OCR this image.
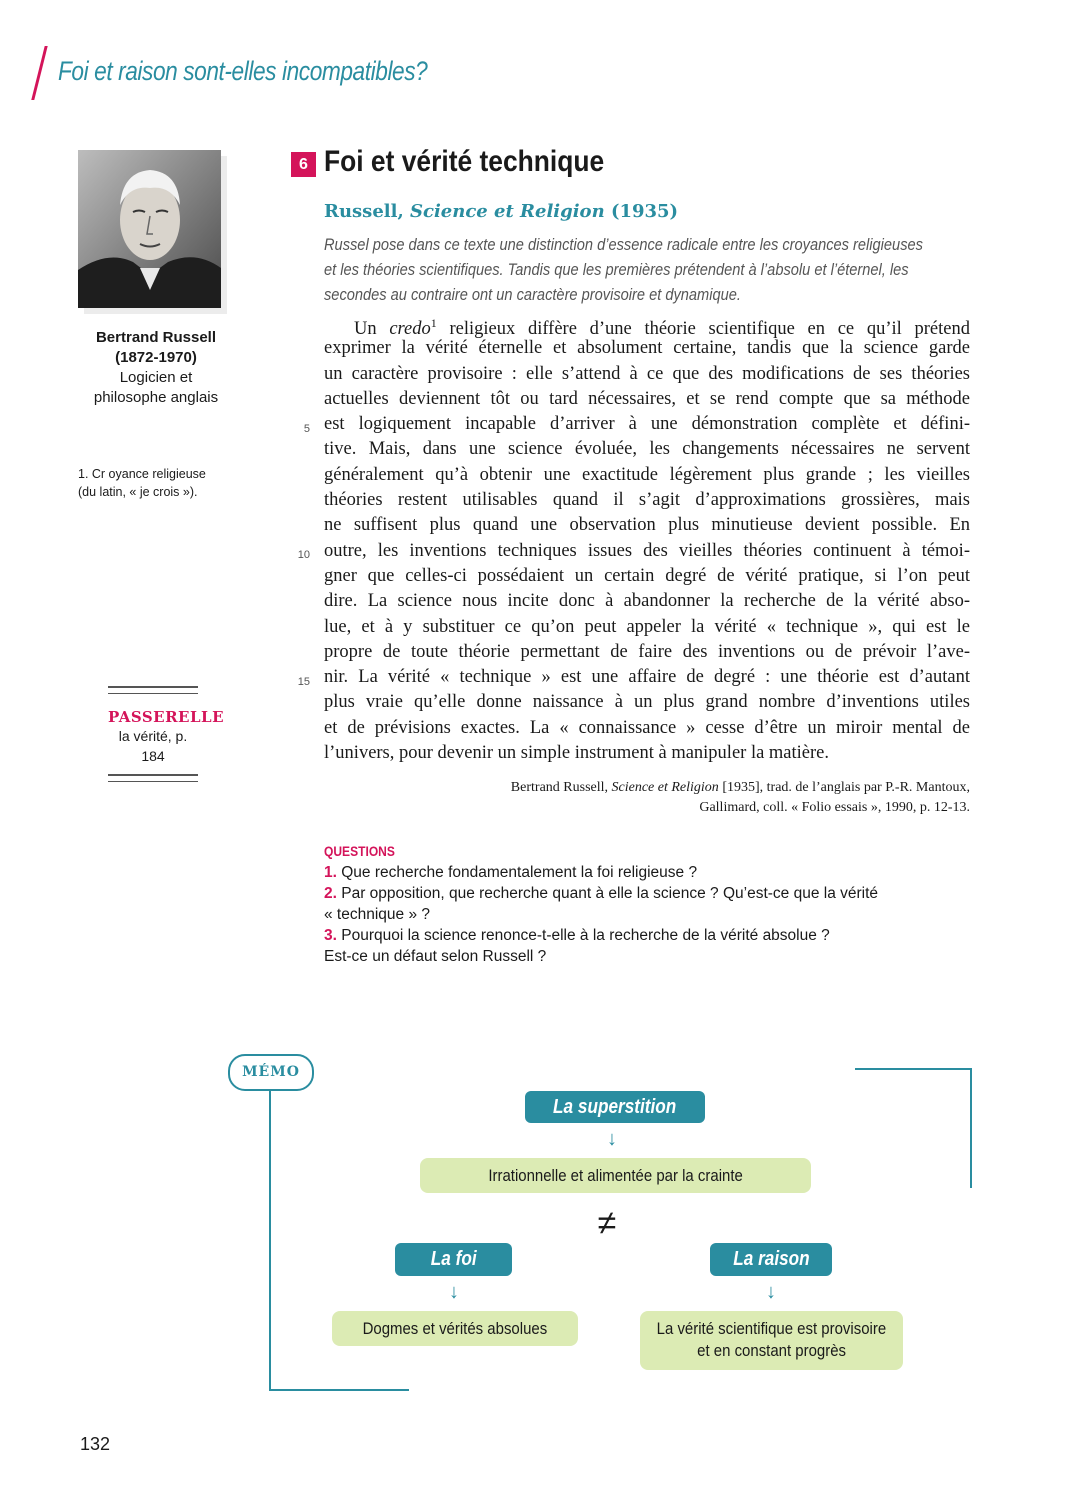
Foi et raison sont-elles incompatibles?
Bertrand Russell
(1872-1970)
Logicien et
philosophe anglais
1. Cr oyance religieuse
(du latin, « je crois »).
PASSERELLE
la vérité, p. 184
6 Foi et vérité technique
Russell, Science et Religion (1935)
Russel pose dans ce texte une distinction d’essence radicale entre les croyances religieuses
et les théories scientifiques. Tandis que les premières prétendent à l’absolu et l’éternel, les
secondes au contraire ont un caractère provisoire et dynamique.
5
10
15
Un credo$^1$ religieux diffère d’une théorie scientifique en ce qu’il prétend
exprimer la vérité éternelle et absolument certaine, tandis que la science garde
un caractère provisoire : elle s’attend à ce que des modifications de ses théories
actuelles deviennent tôt ou tard nécessaires, et se rend compte que sa méthode
est logiquement incapable d’arriver à une démonstration complète et défini-
tive. Mais, dans une science évoluée, les changements nécessaires ne servent
généralement qu’à obtenir une exactitude légèrement plus grande ; les vieilles
théories restent utilisables quand il s’agit d’approximations grossières, mais
ne suffisent plus quand une observation plus minutieuse devient possible. En
outre, les inventions techniques issues des vieilles théories continuent à témoi-
gner que celles-ci possédaient un certain degré de vérité pratique, si l’on peut
dire. La science nous incite donc à abandonner la recherche de la vérité abso-
lue, et à y substituer ce qu’on peut appeler la vérité « technique », qui est le
propre de toute théorie permettant de faire des inventions ou de prévoir l’ave-
nir. La vérité « technique » est une affaire de degré : une théorie est d’autant
plus vraie qu’elle donne naissance à un plus grand nombre d’inventions utiles
et de prévisions exactes. La « connaissance » cesse d’être un miroir mental de
l’univers, pour devenir un simple instrument à manipuler la matière.
Bertrand Russell, Science et Religion [1935], trad. de l’anglais par P.-R. Mantoux,
Gallimard, coll. « Folio essais », 1990, p. 12-13.
QUESTIONS
1. Que recherche fondamentalement la foi religieuse ?
2. Par opposition, que recherche quant à elle la science ? Qu’est-ce que la vérité
« technique » ?
3. Pourquoi la science renonce-t-elle à la recherche de la vérité absolue ?
Est-ce un défaut selon Russell ?
MÉMO
La superstition
↓
Irrationnelle et alimentée par la crainte
≠
La foi
↓
Dogmes et vérités absolues
La raison
↓
La vérité scientifique est provisoire
et en constant progrès
132
